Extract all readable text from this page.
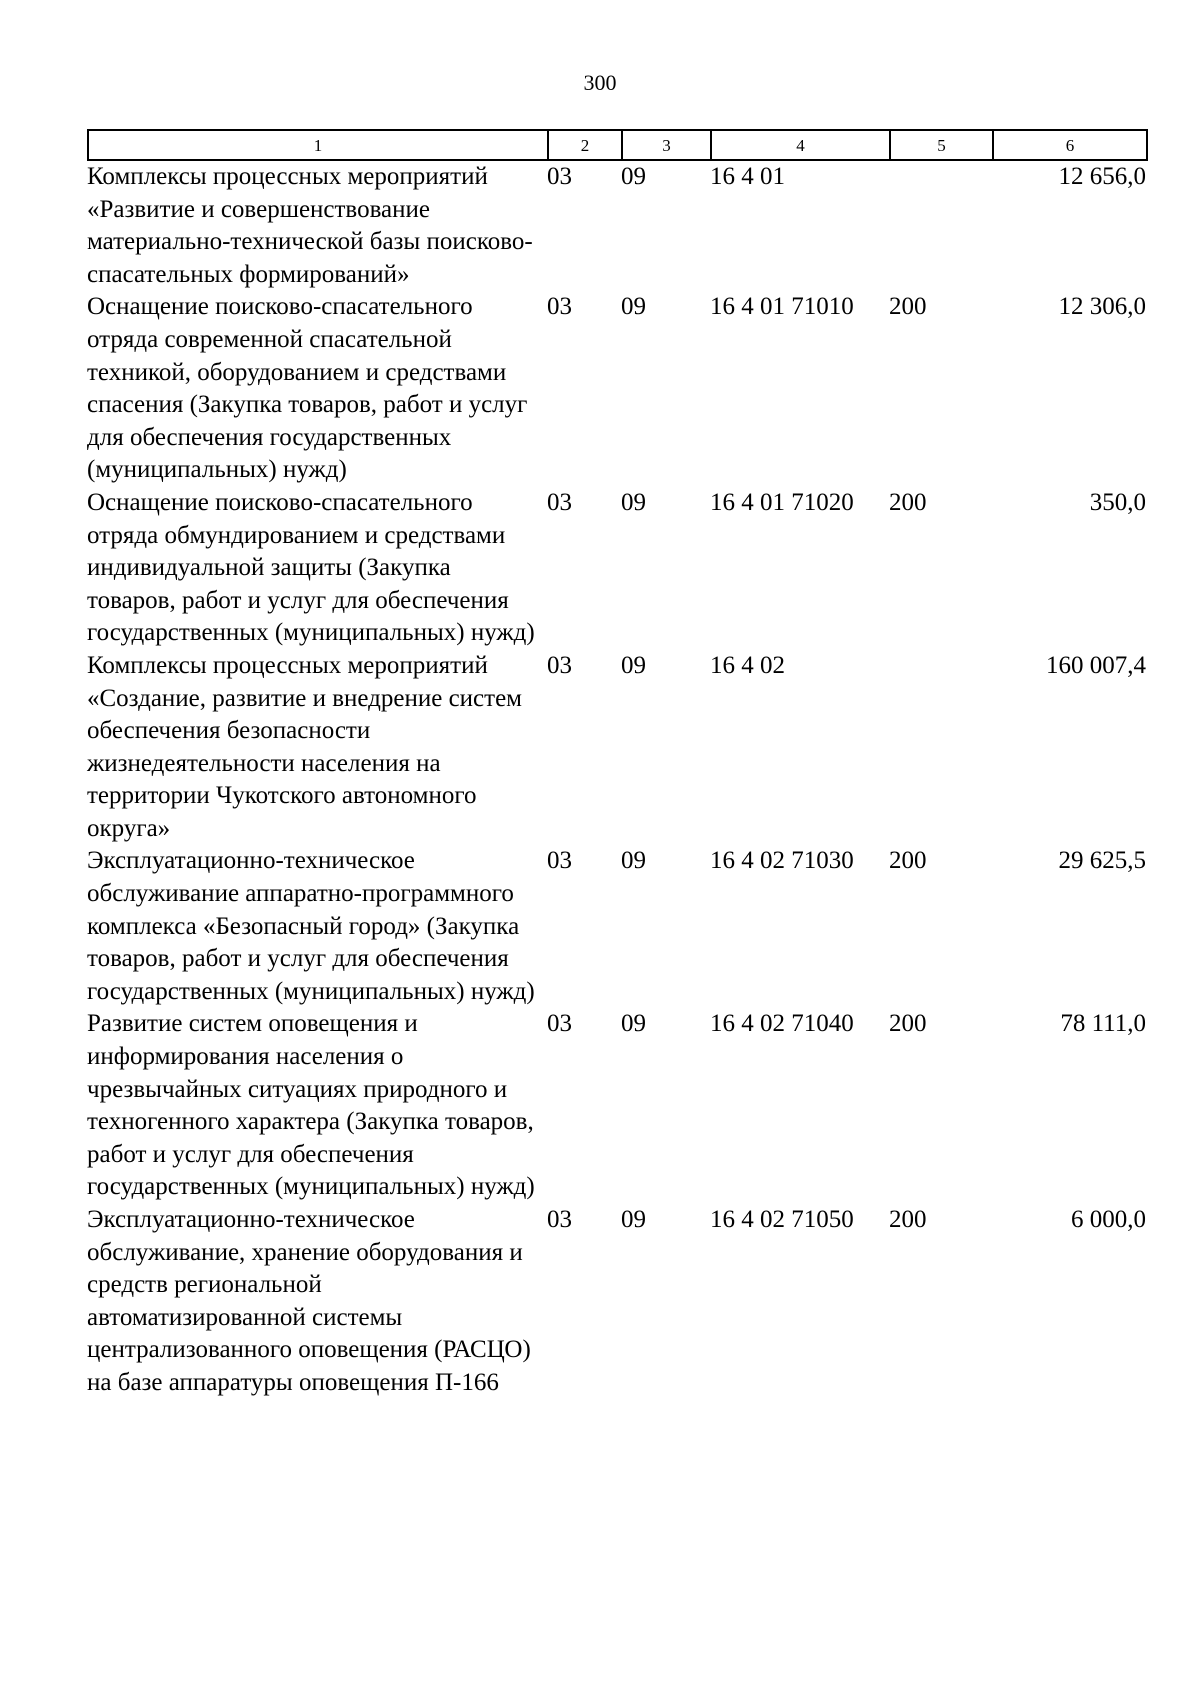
300
1	2	3	4	5	6
Комплексы процессных мероприятий «Развитие и совершенствование материально-технической базы поисково-спасательных формирований»	03	09	16 4 01		12 656,0
Оснащение поисково-спасательного отряда современной спасательной техникой, оборудованием и средствами спасения (Закупка товаров, работ и услуг для обеспечения государственных (муниципальных) нужд)	03	09	16 4 01 71010	200	12 306,0
Оснащение поисково-спасательного отряда обмундированием и средствами индивидуальной защиты (Закупка товаров, работ и услуг для обеспечения государственных (муниципальных) нужд)	03	09	16 4 01 71020	200	350,0
Комплексы процессных мероприятий «Создание, развитие и внедрение систем обеспечения безопасности жизнедеятельности населения на территории Чукотского автономного округа»	03	09	16 4 02		160 007,4
Эксплуатационно-техническое обслуживание аппаратно-программного комплекса «Безопасный город» (Закупка товаров, работ и услуг для обеспечения государственных (муниципальных) нужд)	03	09	16 4 02 71030	200	29 625,5
Развитие систем оповещения и информирования населения о чрезвычайных ситуациях природного и техногенного характера (Закупка товаров, работ и услуг для обеспечения государственных (муниципальных) нужд)	03	09	16 4 02 71040	200	78 111,0
Эксплуатационно-техническое обслуживание, хранение оборудования и средств региональной автоматизированной системы централизованного оповещения (РАСЦО) на базе аппаратуры оповещения П-166	03	09	16 4 02 71050	200	6 000,0
